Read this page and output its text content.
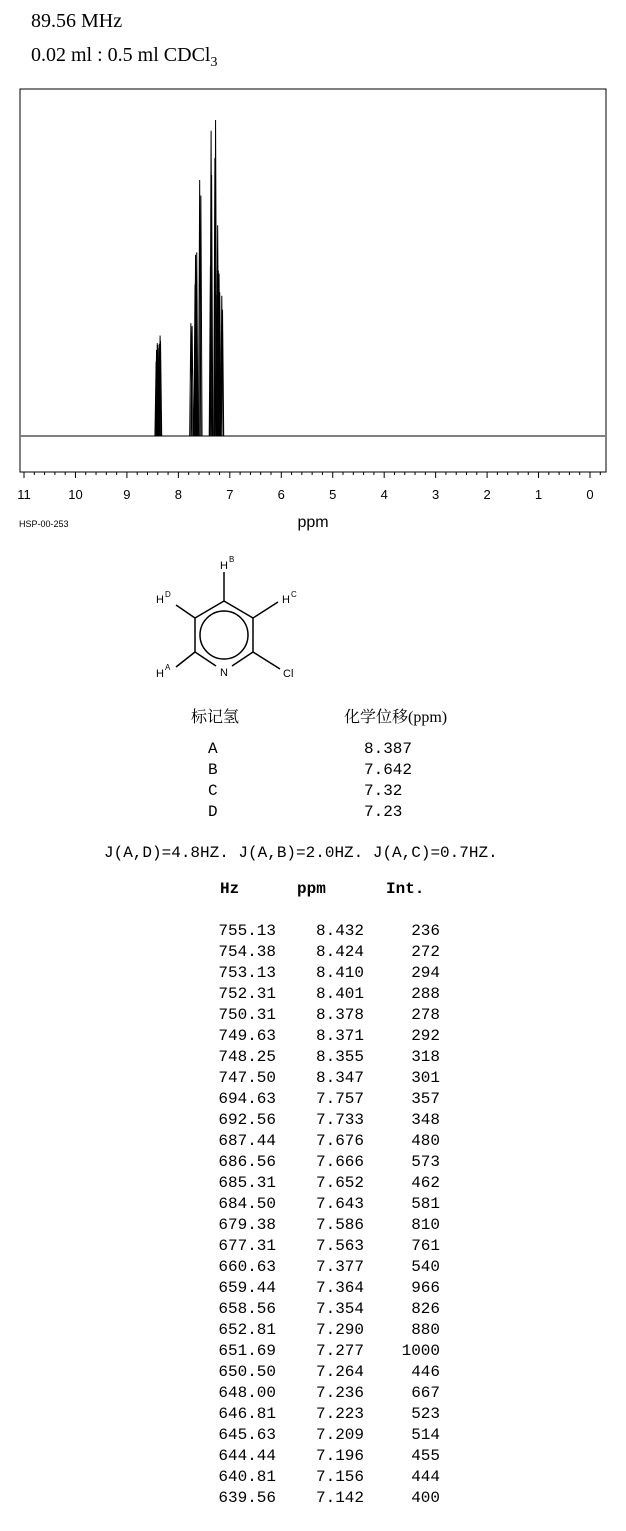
89.56 MHz
0.02 ml : 0.5 ml CDCl$_3$
11	10	9	8	7	6	5	4	3	2	1	0
ppm
HSP-00-253
H
B
H D	H C
H
A	N	Cl
标记氢	化学位移(ppm)
A	8.387
B	7.642
C	7.32
D	7.23
J(A,D)=4.8HZ. J(A,B)=2.0HZ. J(A,C)=0.7HZ.
Hz	ppm	Int.
755.13	8.432	236
754.38	8.424	272
753.13	8.410	294
752.31	8.401	288
750.31	8.378	278
749.63	8.371	292
748.25	8.355	318
747.50	8.347	301
694.63	7.757	357
692.56	7.733	348
687.44	7.676	480
686.56	7.666	573
685.31	7.652	462
684.50	7.643	581
679.38	7.586	810
677.31	7.563	761
660.63	7.377	540
659.44	7.364	966
658.56	7.354	826
652.81	7.290	880
651.69	7.277	1000
650.50	7.264	446
648.00	7.236	667
646.81	7.223	523
645.63	7.209	514
644.44	7.196	455
640.81	7.156	444
639.56	7.142	400
